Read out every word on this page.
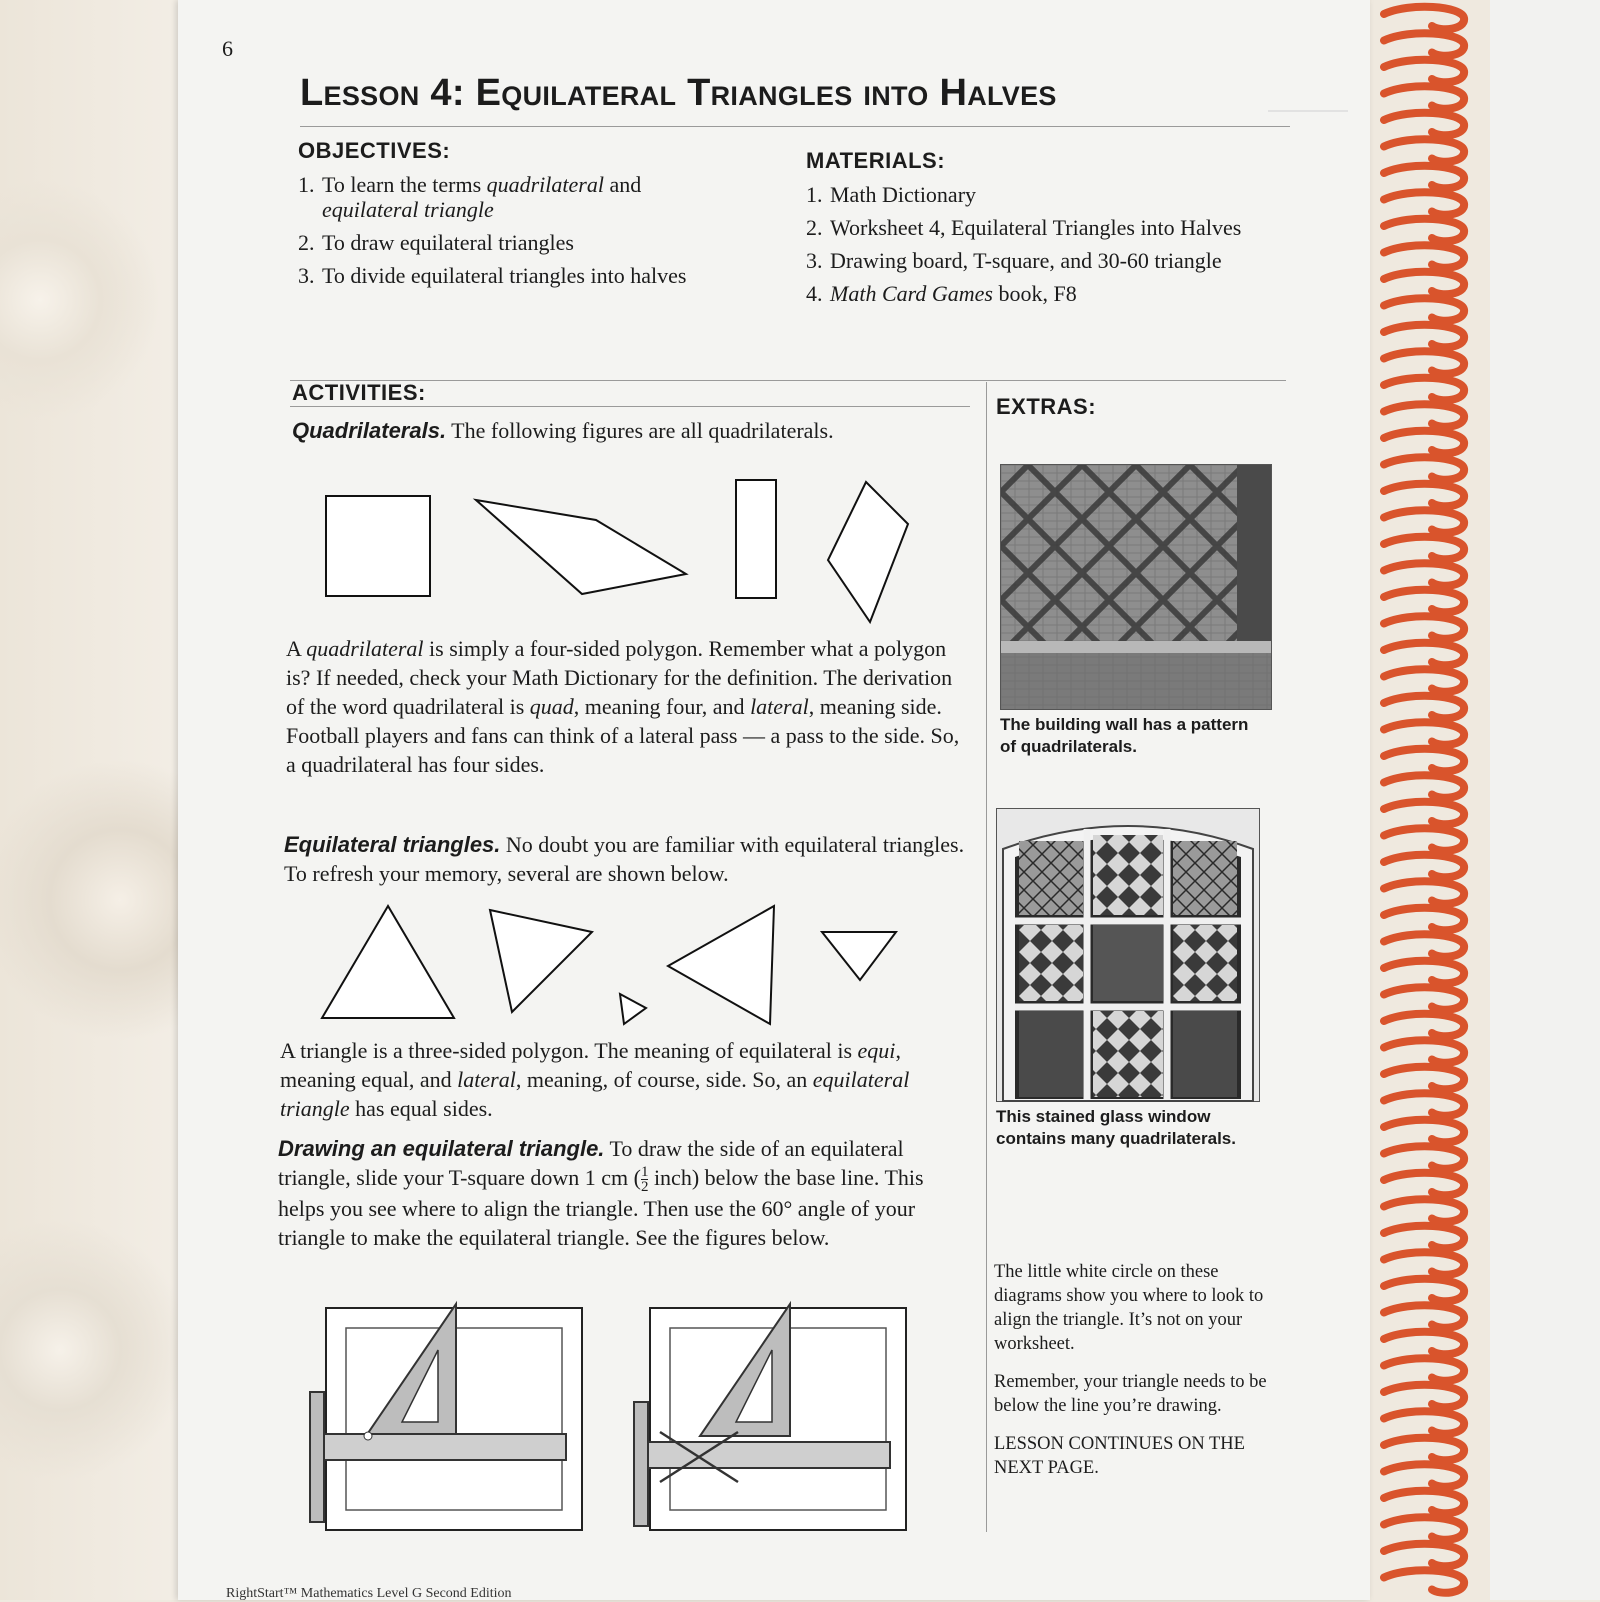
6
Lesson 4: Equilateral Triangles into Halves
OBJECTIVES:
1. To learn the terms quadrilateral and
equilateral triangle
2. To draw equilateral triangles
3. To divide equilateral triangles into halves
MATERIALS:
1. Math Dictionary
2. Worksheet 4, Equilateral Triangles into Halves
3. Drawing board, T-square, and 30-60 triangle
4. Math Card Games book, F8
ACTIVITIES:
Quadrilaterals. The following figures are all quadrilaterals.
A quadrilateral is simply a four-sided polygon. Remember what a polygon is? If needed, check your Math Dictionary for the definition. The derivation of the word quadrilateral is quad, meaning four, and lateral, meaning side. Football players and fans can think of a lateral pass — a pass to the side. So, a quadrilateral has four sides.
Equilateral triangles. No doubt you are familiar with equilateral triangles. To refresh your memory, several are shown below.
A triangle is a three-sided polygon. The meaning of equilateral is equi, meaning equal, and lateral, meaning, of course, side. So, an equilateral triangle has equal sides.
Drawing an equilateral triangle. To draw the side of an equilateral triangle, slide your T-square down 1 cm ( $\frac{1}{2}$ inch) below the base line. This helps you see where to align the triangle. Then use the 60° angle of your triangle to make the equilateral triangle. See the figures below.
EXTRAS:
The building wall has a pattern of quadrilaterals.
This stained glass window contains many quadrilaterals.

The little white circle on these diagrams show you where to look to align the triangle. It’s not on your worksheet.

Remember, your triangle needs to be below the line you’re drawing.

LESSON CONTINUES ON THE NEXT PAGE.

RightStart™ Mathematics Level G Second Edition
